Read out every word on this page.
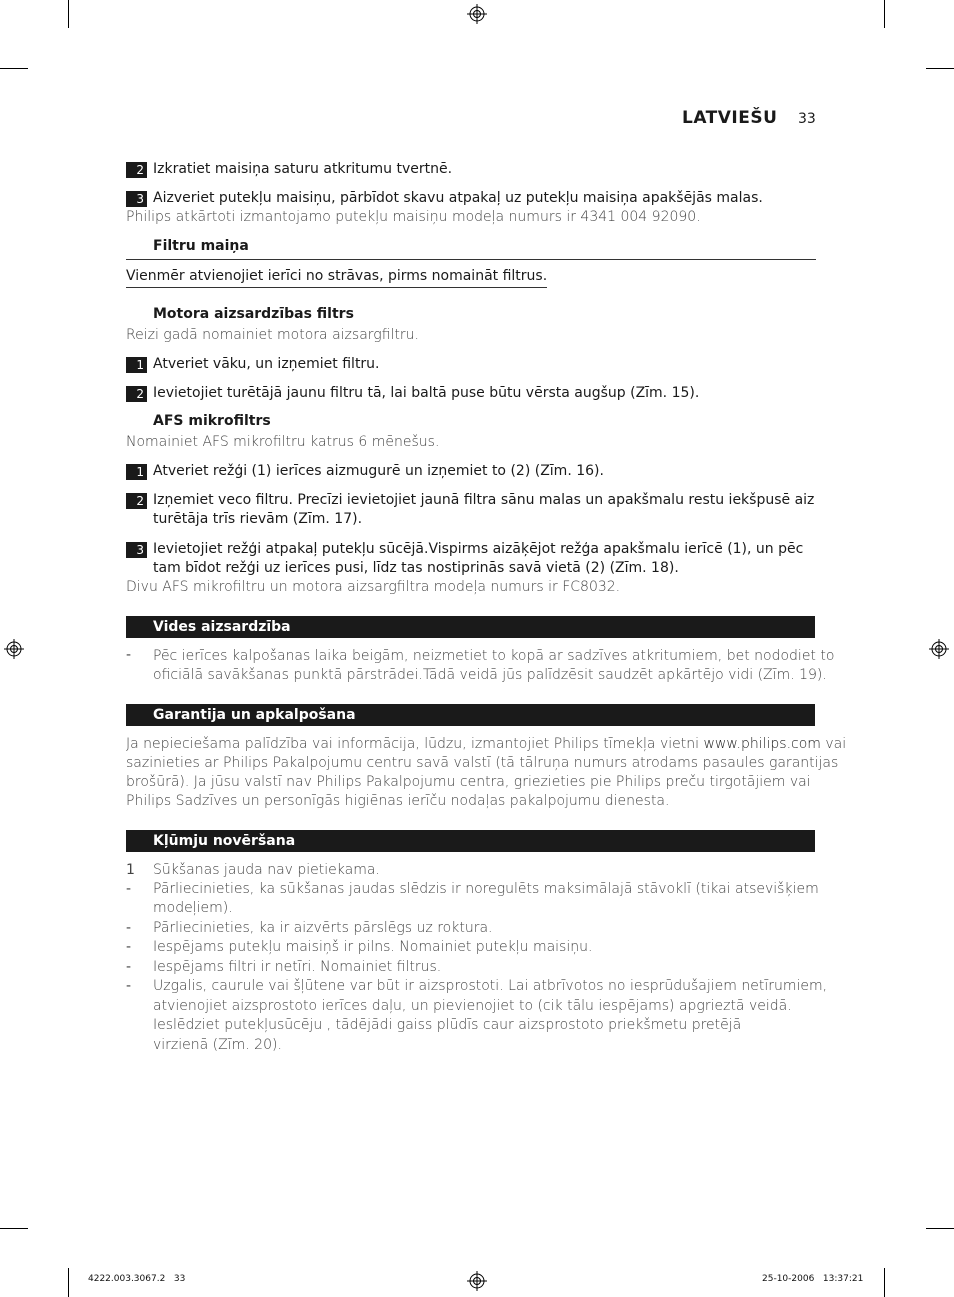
LATVIEŠU 33
2 Izkratiet maisiņa saturu atkritumu tvertnē.
3 Aizveriet putekļu maisiņu, pārbīdot skavu atpakaļ uz putekļu maisiņa apakšējās malas.
Philips atkārtoti izmantojamo putekļu maisiņu modeļa numurs ir 4341 004 92090.
Filtru maiņa
Vienmēr atvienojiet ierīci no strāvas, pirms nomaināt filtrus.
Motora aizsardzības filtrs
Reizi gadā nomainiet motora aizsargfiltru.
1 Atveriet vāku, un izņemiet filtru.
2 Ievietojiet turētājā jaunu filtru tā, lai baltā puse būtu vērsta augšup (Zīm. 15).
AFS mikrofiltrs
Nomainiet AFS mikrofiltru katrus 6 mēnešus.
1 Atveriet režģi (1) ierīces aizmugurē un izņemiet to (2) (Zīm. 16).
2 Izņemiet veco filtru. Precīzi ievietojiet jaunā filtra sānu malas un apakšmalu restu iekšpusē aiz
turētāja trīs rievām (Zīm. 17).
3 Ievietojiet režģi atpakaļ putekļu sūcējā.Vispirms aizāķējot režģa apakšmalu ierīcē (1), un pēc
tam bīdot režģi uz ierīces pusi, līdz tas nostiprinās savā vietā (2) (Zīm. 18).
Divu AFS mikrofiltru un motora aizsargfiltra modeļa numurs ir FC8032.
Vides aizsardzība
- Pēc ierīces kalpošanas laika beigām, neizmetiet to kopā ar sadzīves atkritumiem, bet nododiet to
oficiālā savākšanas punktā pārstrādei.Tādā veidā jūs palīdzēsit saudzēt apkārtējo vidi (Zīm. 19).
Garantija un apkalpošana
Ja nepieciešama palīdzība vai informācija, lūdzu, izmantojiet Philips tīmekļa vietni www.philips.com vai
sazinieties ar Philips Pakalpojumu centru savā valstī (tā tālruņa numurs atrodams pasaules garantijas
brošūrā). Ja jūsu valstī nav Philips Pakalpojumu centra, griezieties pie Philips preču tirgotājiem vai
Philips Sadzīves un personīgās higiēnas ierīču nodaļas pakalpojumu dienesta.
Kļūmju novēršana
1 Sūkšanas jauda nav pietiekama.
- Pārliecinieties, ka sūkšanas jaudas slēdzis ir noregulēts maksimālajā stāvoklī (tikai atsevišķiem
modeļiem).
- Pārliecinieties, ka ir aizvērts pārslēgs uz roktura.
- Iespējams putekļu maisiņš ir pilns. Nomainiet putekļu maisiņu.
- Iespējams filtri ir netīri. Nomainiet filtrus.
- Uzgalis, caurule vai šļūtene var būt ir aizsprostoti. Lai atbrīvotos no iesprūdušajiem netīrumiem,
atvienojiet aizsprostoto ierīces daļu, un pievienojiet to (cik tālu iespējams) apgrieztā veidā.
Ieslēdziet putekļusūcēju , tādējādi gaiss plūdīs caur aizsprostoto priekšmetu pretējā
virzienā (Zīm. 20).
4222.003.3067.2   33	25-10-2006   13:37:21
